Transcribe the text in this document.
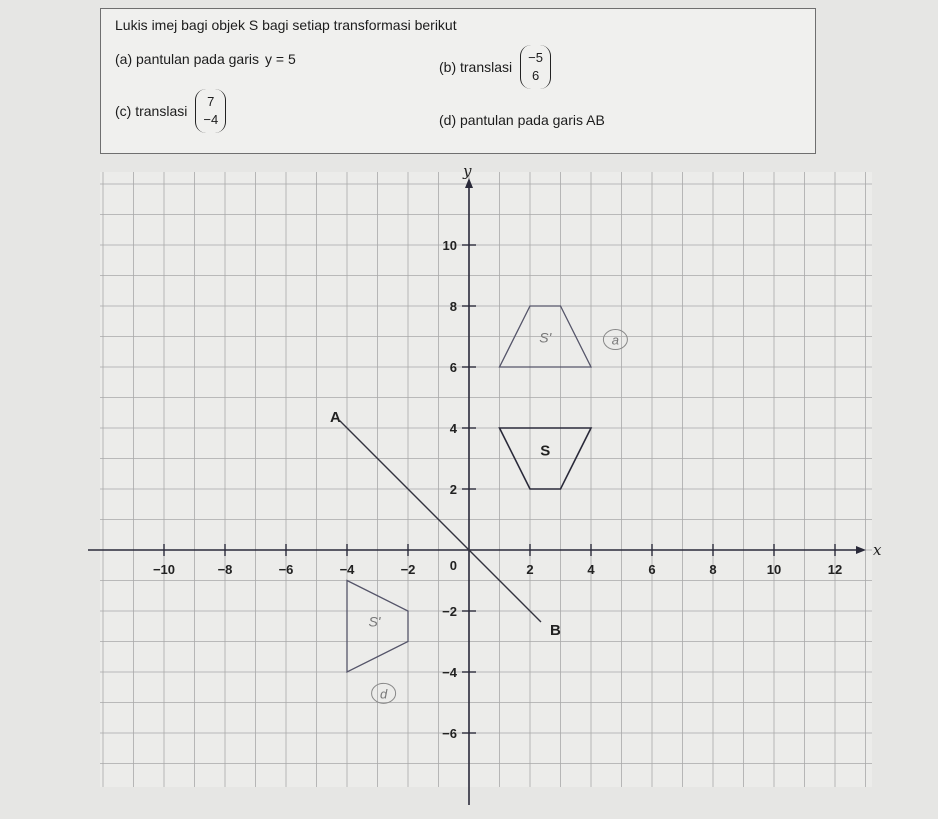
Lukis imej bagi objek S bagi setiap transformasi berikut
(a) pantulan pada garis y = 5	(b) translasi
−5
6
(c) translasi
7
−4	(d) pantulan pada garis AB
x
y
−10	−8	−6	−4	−2	2	4	6	8	10	12
10
8
6
4
2
−2
−4
−6
0
A
B
S
S'
S'
a
d
